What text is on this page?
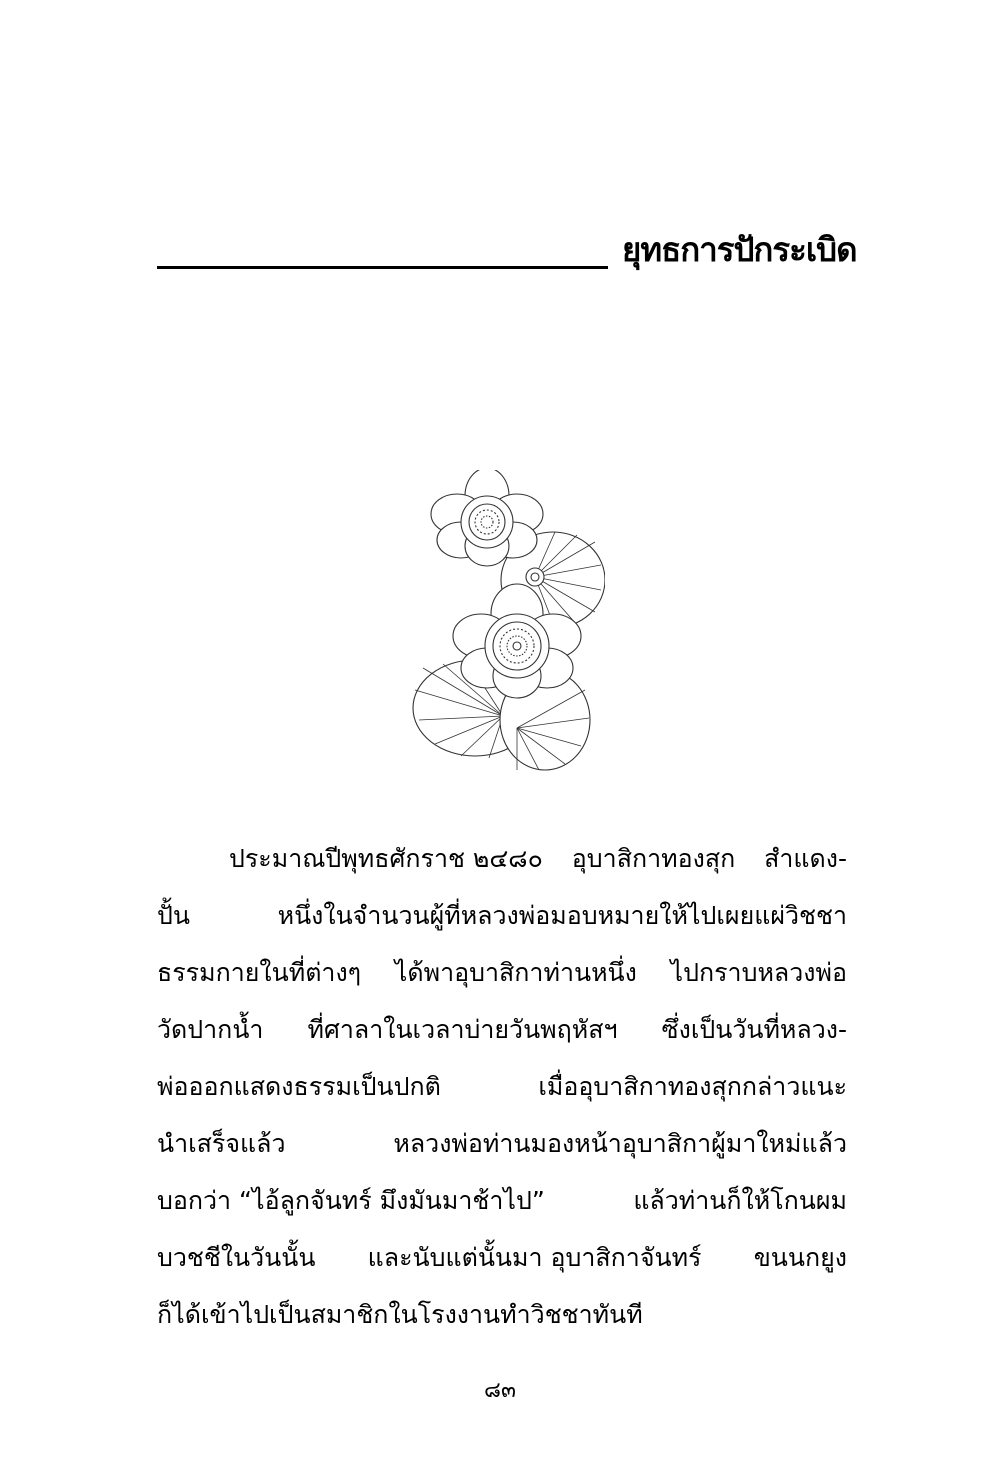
ยุทธการปักระเบิด
ประมาณปีพุทธศักราช ๒๔๘๐ อุบาสิกาทองสุก สำแดง-
ปั้น	หนึ่งในจำนวนผู้ที่หลวงพ่อมอบหมายให้ไปเผยแผ่วิชชา
ธรรมกายในที่ต่างๆ ได้พาอุบาสิกาท่านหนึ่ง ไปกราบหลวงพ่อ
วัดปากน้ำ ที่ศาลาในเวลาบ่ายวันพฤหัสฯ ซึ่งเป็นวันที่หลวง-
พ่อออกแสดงธรรมเป็นปกติ	เมื่ออุบาสิกาทองสุกกล่าวแนะ
นำเสร็จแล้ว	หลวงพ่อท่านมองหน้าอุบาสิกาผู้มาใหม่แล้ว
บอกว่า “ไอ้ลูกจันทร์ มึงมันมาช้าไป”	แล้วท่านก็ให้โกนผม
บวชชีในวันนั้น และนับแต่นั้นมา อุบาสิกาจันทร์ ขนนกยูง
ก็ได้เข้าไปเป็นสมาชิกในโรงงานทำวิชชาทันที
๘๓
